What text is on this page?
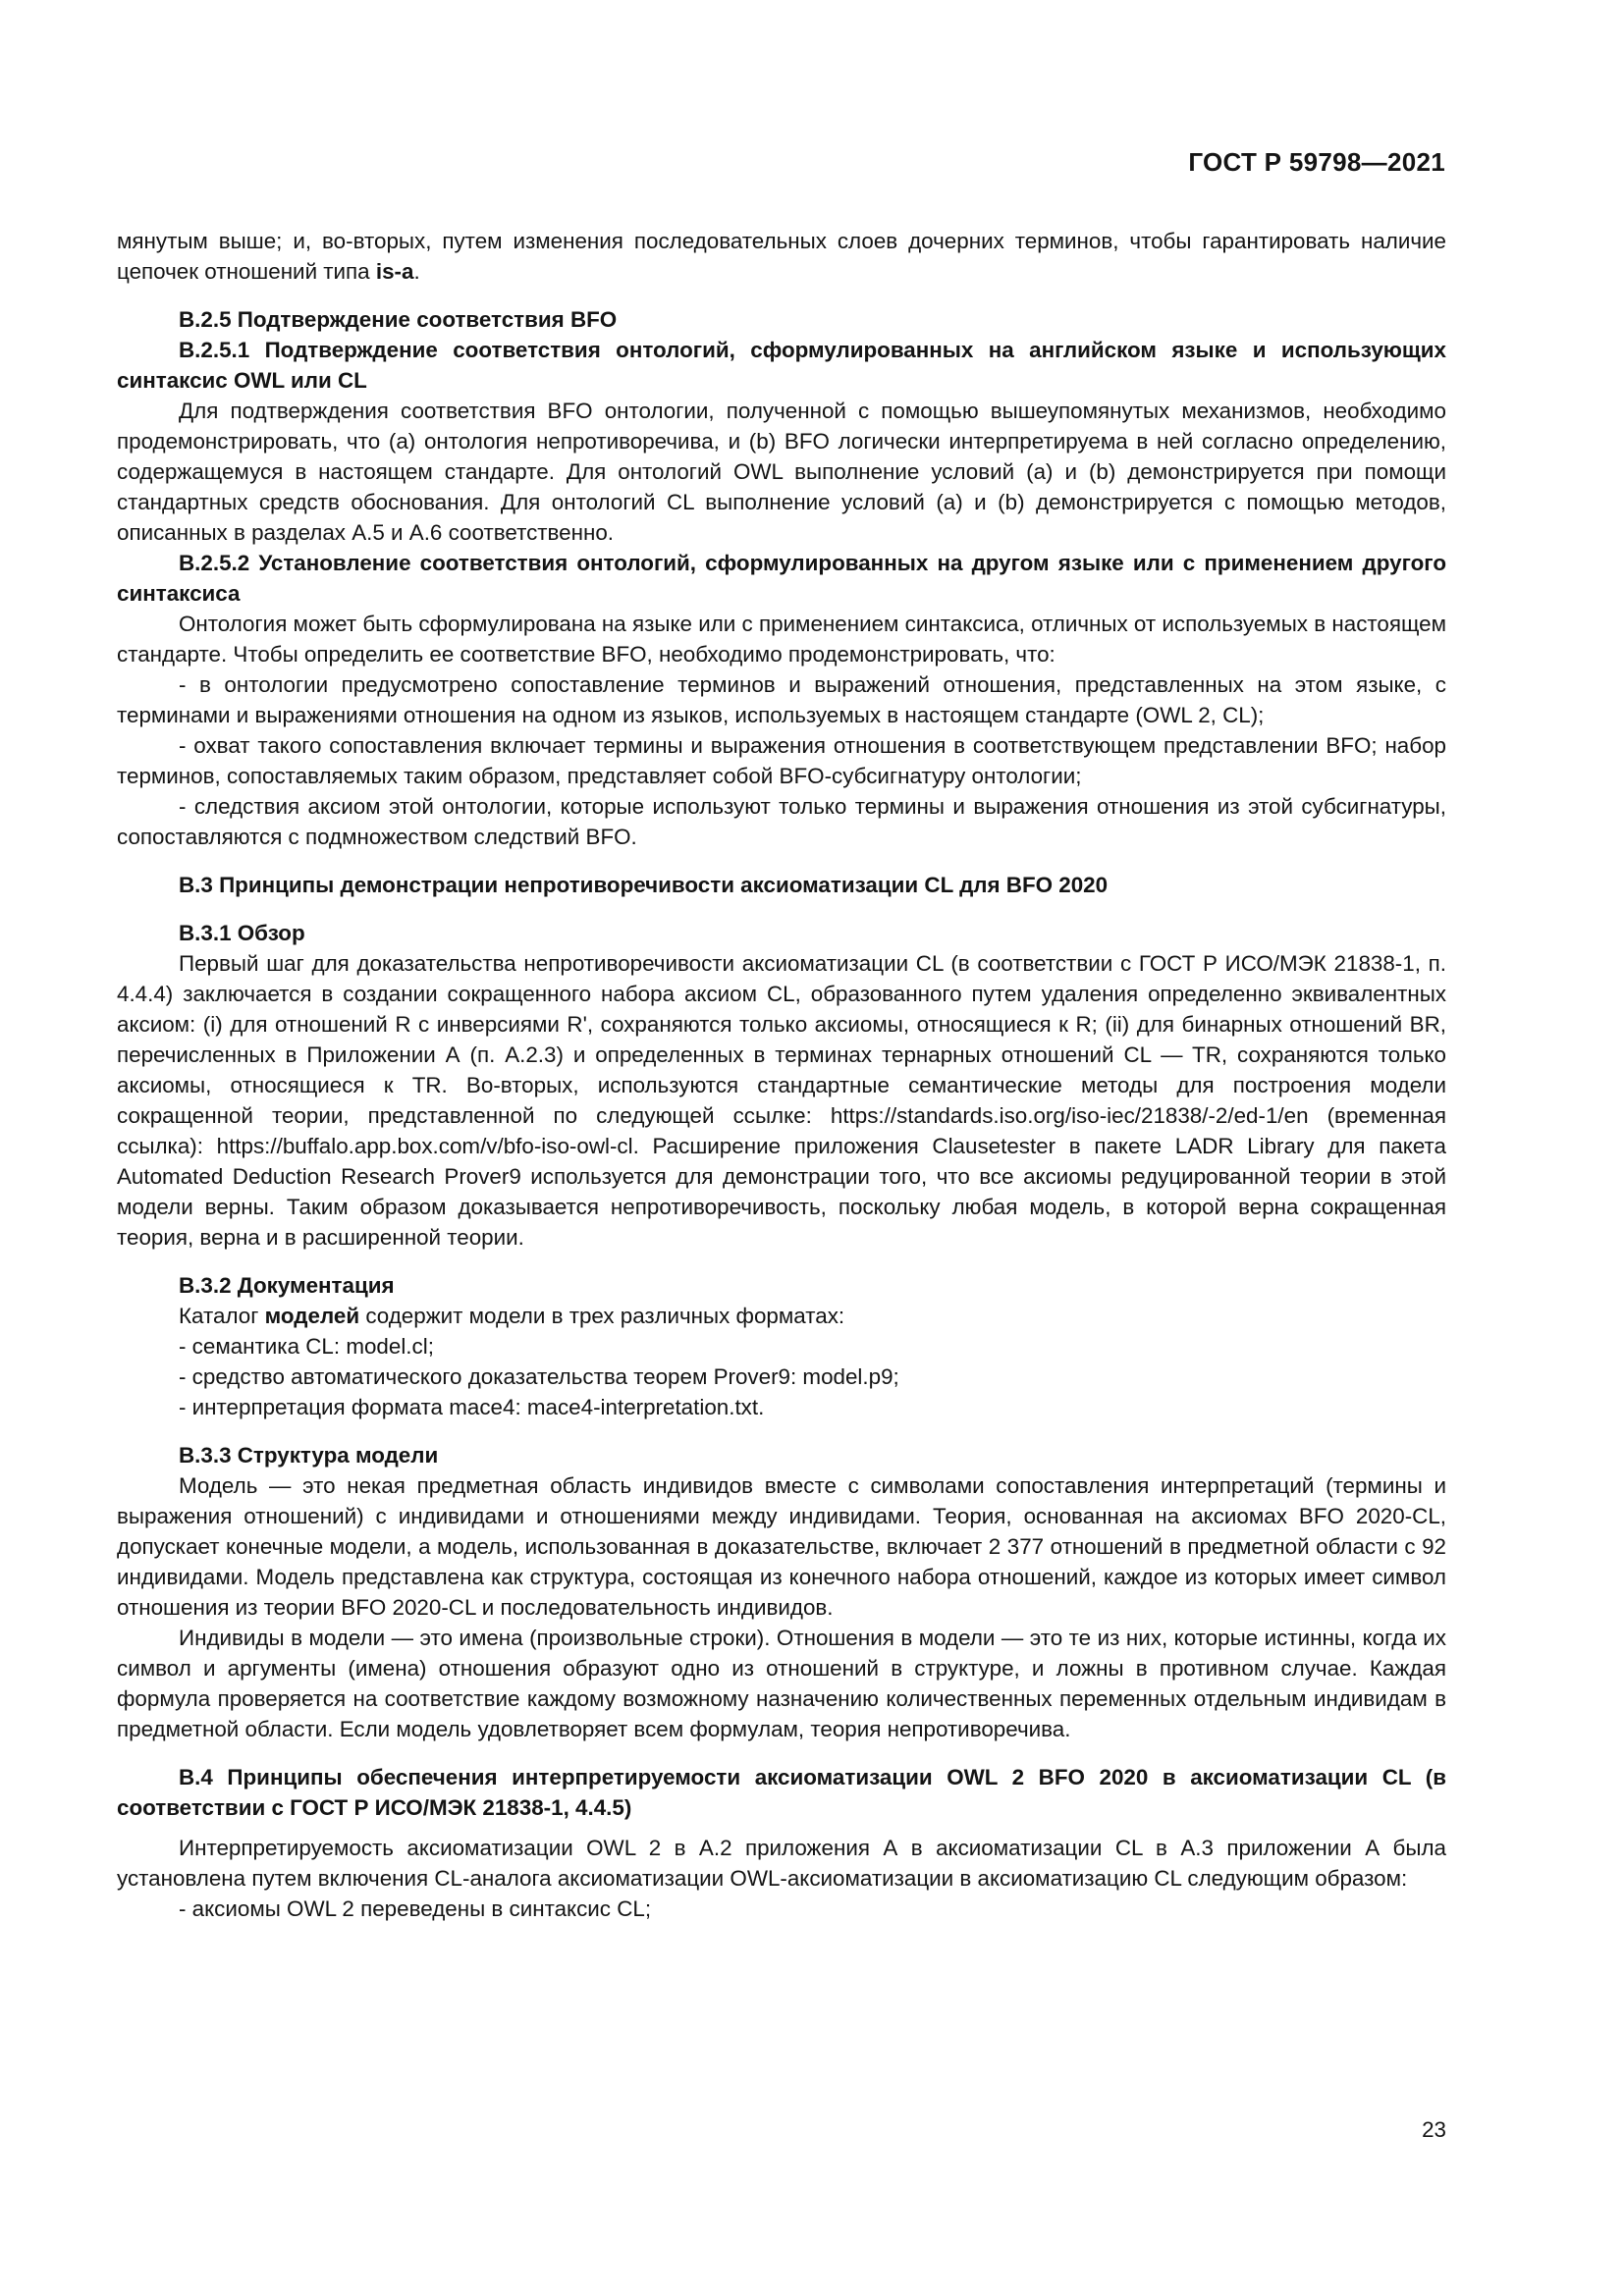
ГОСТ Р 59798—2021

мянутым выше; и, во-вторых, путем изменения последовательных слоев дочерних терминов, чтобы гарантировать наличие цепочек отношений типа is-a.

В.2.5 Подтверждение соответствия BFO

В.2.5.1 Подтверждение соответствия онтологий, сформулированных на английском языке и использующих синтаксис OWL или CL

Для подтверждения соответствия BFO онтологии, полученной с помощью вышеупомянутых механизмов, необходимо продемонстрировать, что (a) онтология непротиворечива, и (b) BFO логически интерпретируема в ней согласно определению, содержащемуся в настоящем стандарте. Для онтологий OWL выполнение условий (a) и (b) демонстрируется при помощи стандартных средств обоснования. Для онтологий CL выполнение условий (a) и (b) демонстрируется с помощью методов, описанных в разделах А.5 и А.6 соответственно.

В.2.5.2 Установление соответствия онтологий, сформулированных на другом языке или с применением другого синтаксиса

Онтология может быть сформулирована на языке или с применением синтаксиса, отличных от используемых в настоящем стандарте. Чтобы определить ее соответствие BFO, необходимо продемонстрировать, что:

- в онтологии предусмотрено сопоставление терминов и выражений отношения, представленных на этом языке, с терминами и выражениями отношения на одном из языков, используемых в настоящем стандарте (OWL 2, CL);

- охват такого сопоставления включает термины и выражения отношения в соответствующем представлении BFO; набор терминов, сопоставляемых таким образом, представляет собой BFO-субсигнатуру онтологии;

- следствия аксиом этой онтологии, которые используют только термины и выражения отношения из этой субсигнатуры, сопоставляются с подмножеством следствий BFO.

В.3 Принципы демонстрации непротиворечивости аксиоматизации CL для BFO 2020

В.3.1 Обзор

Первый шаг для доказательства непротиворечивости аксиоматизации CL (в соответствии с ГОСТ Р ИСО/МЭК 21838-1, п. 4.4.4) заключается в создании сокращенного набора аксиом CL, образованного путем удаления определенно эквивалентных аксиом: (i) для отношений R с инверсиями R', сохраняются только аксиомы, относящиеся к R; (ii) для бинарных отношений BR, перечисленных в Приложении А (п. А.2.3) и определенных в терминах тернарных отношений CL — TR, сохраняются только аксиомы, относящиеся к TR. Во-вторых, используются стандартные семантические методы для построения модели сокращенной теории, представленной по следующей ссылке: https://standards.iso.org/iso-iec/21838/-2/ed-1/en (временная ссылка): https://buffalo.app.box.com/v/bfo-iso-owl-cl. Расширение приложения Clausetester в пакете LADR Library для пакета Automated Deduction Research Prover9 используется для демонстрации того, что все аксиомы редуцированной теории в этой модели верны. Таким образом доказывается непротиворечивость, поскольку любая модель, в которой верна сокращенная теория, верна и в расширенной теории.

В.3.2 Документация

Каталог моделей содержит модели в трех различных форматах:

- семантика CL: model.cl;

- средство автоматического доказательства теорем Prover9: model.p9;

- интерпретация формата mace4: mace4-interpretation.txt.

В.3.3 Структура модели

Модель — это некая предметная область индивидов вместе с символами сопоставления интерпретаций (термины и выражения отношений) с индивидами и отношениями между индивидами. Теория, основанная на аксиомах BFO 2020-CL, допускает конечные модели, а модель, использованная в доказательстве, включает 2 377 отношений в предметной области с 92 индивидами. Модель представлена как структура, состоящая из конечного набора отношений, каждое из которых имеет символ отношения из теории BFO 2020-CL и последовательность индивидов.

Индивиды в модели — это имена (произвольные строки). Отношения в модели — это те из них, которые истинны, когда их символ и аргументы (имена) отношения образуют одно из отношений в структуре, и ложны в противном случае. Каждая формула проверяется на соответствие каждому возможному назначению количественных переменных отдельным индивидам в предметной области. Если модель удовлетворяет всем формулам, теория непротиворечива.

В.4 Принципы обеспечения интерпретируемости аксиоматизации OWL 2 BFO 2020 в аксиоматизации CL (в соответствии с ГОСТ Р ИСО/МЭК 21838-1, 4.4.5)

Интерпретируемость аксиоматизации OWL 2 в А.2 приложения А в аксиоматизации CL в А.3 приложении А была установлена путем включения CL-аналога аксиоматизации OWL-аксиоматизации в аксиоматизацию CL следующим образом:

- аксиомы OWL 2 переведены в синтаксис CL;

23
